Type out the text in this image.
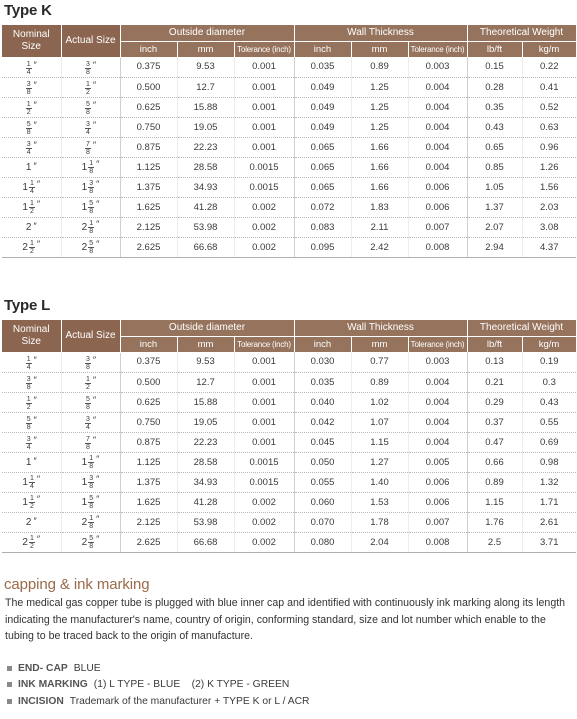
Type K
Nominal Size	Actual Size	Outside diameter			Wall Thickness			Theoretical Weight	
		inch	mm	Tolerance (inch)	inch	mm	Tolerance (inch)	lb/ft	kg/m

$\frac{1}{4}$ ″	$\frac{3}{8}$ ″	0.375	9.53	0.001	0.035	0.89	0.003	0.15	0.22

$\frac{3}{8}$ ″	$\frac{1}{2}$ ″	0.500	12.7	0.001	0.049	1.25	0.004	0.28	0.41

$\frac{1}{2}$ ″	$\frac{5}{8}$ ″	0.625	15.88	0.001	0.049	1.25	0.004	0.35	0.52

$\frac{5}{8}$ ″	$\frac{3}{4}$ ″	0.750	19.05	0.001	0.049	1.25	0.004	0.43	0.63

$\frac{3}{4}$ ″	$\frac{7}{8}$ ″	0.875	22.23	0.001	0.065	1.66	0.004	0.65	0.96

1 ″	$1 \frac{1}{8}$ ″	1.125	28.58	0.0015	0.065	1.66	0.004	0.85	1.26

$1 \frac{1}{4}$ ″	$1 \frac{3}{8}$ ″	1.375	34.93	0.0015	0.065	1.66	0.006	1.05	1.56

$1 \frac{1}{2}$ ″	$1 \frac{5}{8}$ ″	1.625	41.28	0.002	0.072	1.83	0.006	1.37	2.03

2 ″	$2 \frac{1}{8}$ ″	2.125	53.98	0.002	0.083	2.11	0.007	2.07	3.08

$2 \frac{1}{2}$ ″	$2 \frac{5}{8}$ ″	2.625	66.68	0.002	0.095	2.42	0.008	2.94	4.37
Type L
Nominal Size	Actual Size	Outside diameter			Wall Thickness			Theoretical Weight	
		inch	mm	Tolerance (inch)	inch	mm	Tolerance (inch)	lb/ft	kg/m

$\frac{1}{4}$ ″	$\frac{3}{8}$ ″	0.375	9.53	0.001	0.030	0.77	0.003	0.13	0.19

$\frac{3}{8}$ ″	$\frac{1}{2}$ ″	0.500	12.7	0.001	0.035	0.89	0.004	0.21	0.3

$\frac{1}{2}$ ″	$\frac{5}{8}$ ″	0.625	15.88	0.001	0.040	1.02	0.004	0.29	0.43

$\frac{5}{8}$ ″	$\frac{3}{4}$ ″	0.750	19.05	0.001	0.042	1.07	0.004	0.37	0.55

$\frac{3}{4}$ ″	$\frac{7}{8}$ ″	0.875	22.23	0.001	0.045	1.15	0.004	0.47	0.69

1 ″	$1 \frac{1}{8}$ ″	1.125	28.58	0.0015	0.050	1.27	0.005	0.66	0.98

$1 \frac{1}{4}$ ″	$1 \frac{3}{8}$ ″	1.375	34.93	0.0015	0.055	1.40	0.006	0.89	1.32

$1 \frac{1}{2}$ ″	$1 \frac{5}{8}$ ″	1.625	41.28	0.002	0.060	1.53	0.006	1.15	1.71

2 ″	$2 \frac{1}{8}$ ″	2.125	53.98	0.002	0.070	1.78	0.007	1.76	2.61

$2 \frac{1}{2}$ ″	$2 \frac{5}{8}$ ″	2.625	66.68	0.002	0.080	2.04	0.008	2.5	3.71
capping & ink marking
The medical gas copper tube is plugged with blue inner cap and identified with continuously ink marking along its length indicating the manufacturer's name, country of origin, conforming standard, size and lot number which enable to the tubing to be traced back to the origin of manufacture.
END- CAP BLUE
INK MARKING (1) L TYPE - BLUE    (2) K TYPE - GREEN
INCISION Trademark of the manufacturer + TYPE K or L / ACR
